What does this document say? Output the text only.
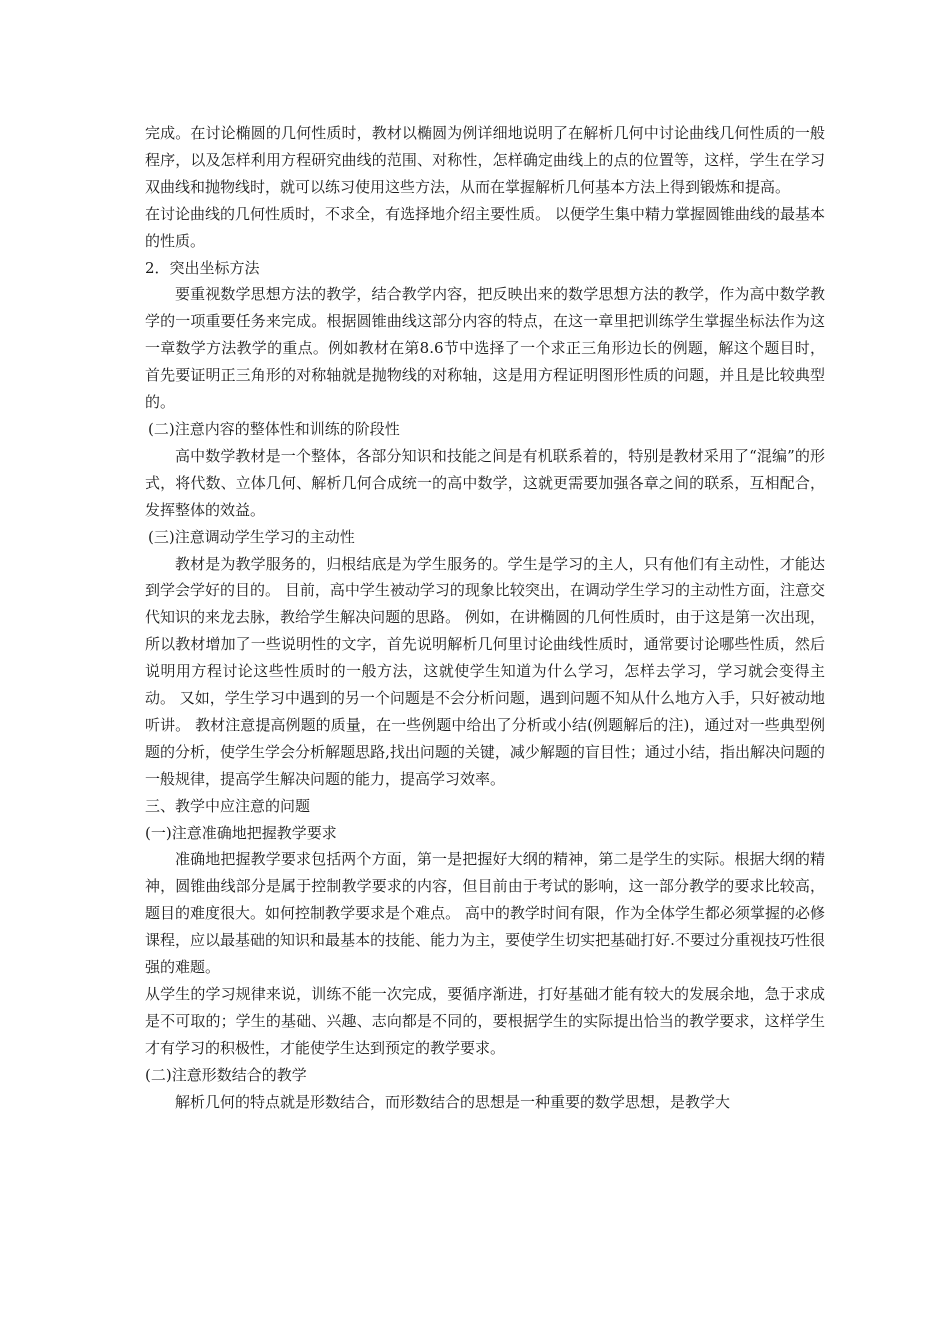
完成。在讨论椭圆的几何性质时，教材以椭圆为例详细地说明了在解析几何中讨论曲线几何性质的一般程序，以及怎样利用方程研究曲线的范围、对称性，怎样确定曲线上的点的位置等，这样，学生在学习双曲线和抛物线时，就可以练习使用这些方法，从而在掌握解析几何基本方法上得到锻炼和提高。

在讨论曲线的几何性质时，不求全，有选择地介绍主要性质。 以便学生集中精力掌握圆锥曲线的最基本的性质。

2．突出坐标方法

要重视数学思想方法的教学，结合教学内容，把反映出来的数学思想方法的教学，作为高中数学教学的一项重要任务来完成。根据圆锥曲线这部分内容的特点，在这一章里把训练学生掌握坐标法作为这一章数学方法教学的重点。例如教材在第8.6节中选择了一个求正三角形边长的例题，解这个题目时，首先要证明正三角形的对称轴就是抛物线的对称轴，这是用方程证明图形性质的问题，并且是比较典型的。

(二)注意内容的整体性和训练的阶段性

高中数学教材是一个整体，各部分知识和技能之间是有机联系着的，特别是教材采用了“混编”的形式，将代数、立体几何、解析几何合成统一的高中数学，这就更需要加强各章之间的联系，互相配合，发挥整体的效益。

(三)注意调动学生学习的主动性

教材是为教学服务的，归根结底是为学生服务的。学生是学习的主人，只有他们有主动性，才能达到学会学好的目的。 目前，高中学生被动学习的现象比较突出，在调动学生学习的主动性方面，注意交代知识的来龙去脉，教给学生解决问题的思路。 例如，在讲椭圆的几何性质时，由于这是第一次出现，所以教材增加了一些说明性的文字，首先说明解析几何里讨论曲线性质时，通常要讨论哪些性质，然后说明用方程讨论这些性质时的一般方法，这就使学生知道为什么学习，怎样去学习，学习就会变得主动。 又如，学生学习中遇到的另一个问题是不会分析问题，遇到问题不知从什么地方入手，只好被动地听讲。 教材注意提高例题的质量，在一些例题中给出了分析或小结(例题解后的注)，通过对一些典型例题的分析，使学生学会分析解题思路,找出问题的关键，减少解题的盲目性；通过小结，指出解决问题的一般规律，提高学生解决问题的能力，提高学习效率。

三、教学中应注意的问题

(一)注意准确地把握教学要求

准确地把握教学要求包括两个方面，第一是把握好大纲的精神，第二是学生的实际。根据大纲的精神，圆锥曲线部分是属于控制教学要求的内容，但目前由于考试的影响，这一部分教学的要求比较高，题目的难度很大。如何控制教学要求是个难点。 高中的教学时间有限，作为全体学生都必须掌握的必修课程，应以最基础的知识和最基本的技能、能力为主，要使学生切实把基础打好.不要过分重视技巧性很强的难题。

从学生的学习规律来说，训练不能一次完成，要循序渐进，打好基础才能有较大的发展余地，急于求成是不可取的；学生的基础、兴趣、志向都是不同的，要根据学生的实际提出恰当的教学要求，这样学生才有学习的积极性，才能使学生达到预定的教学要求。

(二)注意形数结合的教学

解析几何的特点就是形数结合，而形数结合的思想是一种重要的数学思想，是教学大
